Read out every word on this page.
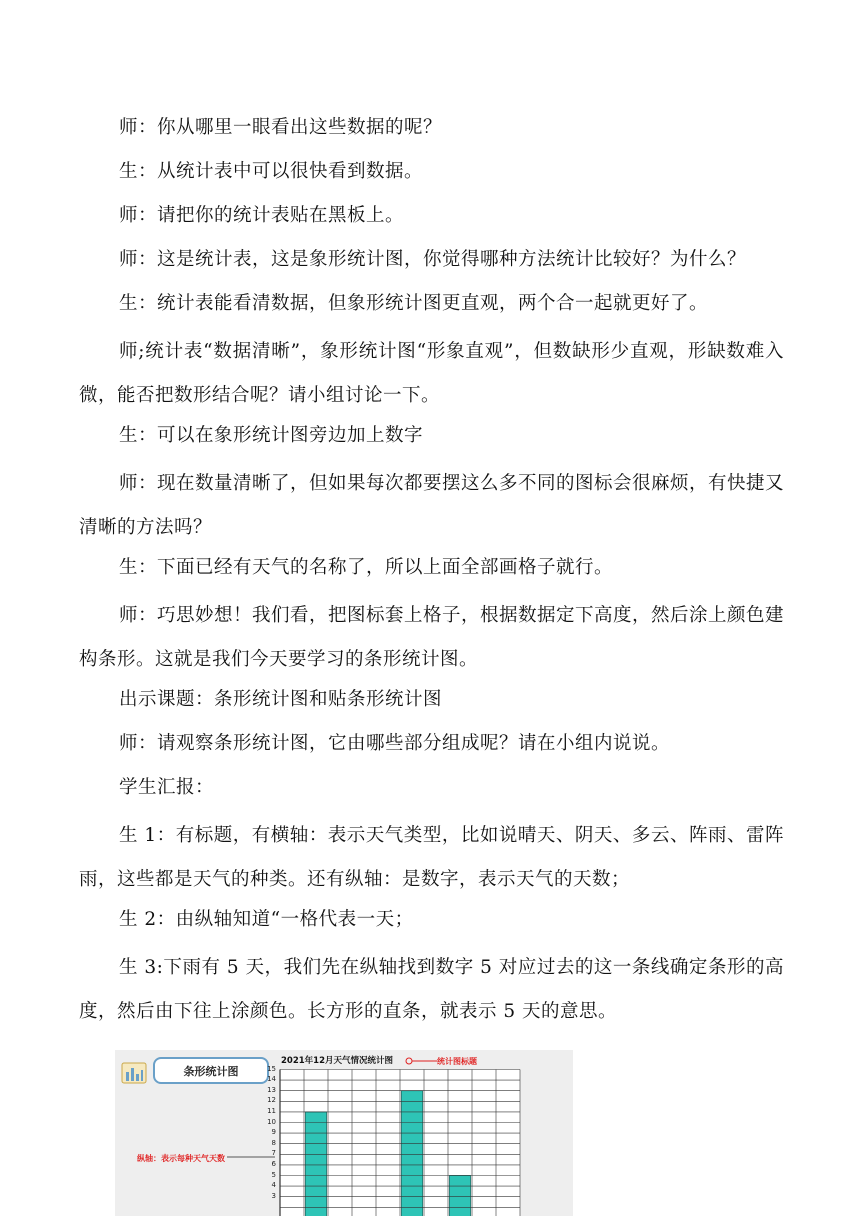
师：你从哪里一眼看出这些数据的呢？

生：从统计表中可以很快看到数据。

师：请把你的统计表贴在黑板上。

师：这是统计表，这是象形统计图，你觉得哪种方法统计比较好？为什么？

生：统计表能看清数据，但象形统计图更直观，两个合一起就更好了。

师;统计表“数据清晰”，象形统计图“形象直观”，但数缺形少直观，形缺数难入微，能否把数形结合呢？请小组讨论一下。

生：可以在象形统计图旁边加上数字

师：现在数量清晰了，但如果每次都要摆这么多不同的图标会很麻烦，有快捷又清晰的方法吗？

生：下面已经有天气的名称了，所以上面全部画格子就行。

师：巧思妙想！我们看，把图标套上格子，根据数据定下高度，然后涂上颜色建构条形。这就是我们今天要学习的条形统计图。

出示课题：条形统计图和贴条形统计图

师：请观察条形统计图，它由哪些部分组成呢？请在小组内说说。

学生汇报：

生 1：有标题，有横轴：表示天气类型，比如说晴天、阴天、多云、阵雨、雷阵雨，这些都是天气的种类。还有纵轴：是数字，表示天气的天数；

生 2：由纵轴知道“一格代表一天；

生 3:下雨有 5 天，我们先在纵轴找到数字 5 对应过去的这一条线确定条形的高度，然后由下往上涂颜色。长方形的直条，就表示 5 天的意思。

条形统计图
2021年12月天气情况统计图	统计图标题
纵轴：表示每种天气天数
15
14
13
12
11
10
9
8
7
6
5
4
3
